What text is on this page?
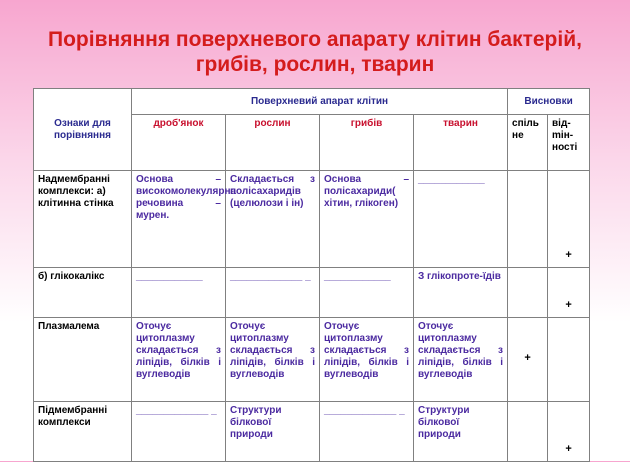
Порівняння поверхневого апарату клітин бактерій,
грибів, рослин, тварин
Ознаки для порівняння	Поверхневий апарат клітин				Висновки	
	дроб'янок	рослин	грибів	тварин	спіль не	відmінності
Надмембранні комплекси: а) клітинна стінка	Основа – високомолекулярна речовина – мурен.	Складається з полісахаридів (целюлози і ін)	Основа – полісахариди( хітин, глікоген)	____________		+
б) глікокалікс	____________	_____________ _	____________	З глікопроте-їдів		+
Плазмалема	Оточує цитоплазму складається з ліпідів, білків і вуглеводів	Оточує цитоплазму складається з ліпідів, білків і вуглеводів	Оточує цитоплазму складається з ліпідів, білків і вуглеводів	Оточує цитоплазму складається з ліпідів, білків і вуглеводів	+	
Підмембранні комплекси	_____________ _	Структури білкової природи	_____________ _	Структури білкової природи		+
